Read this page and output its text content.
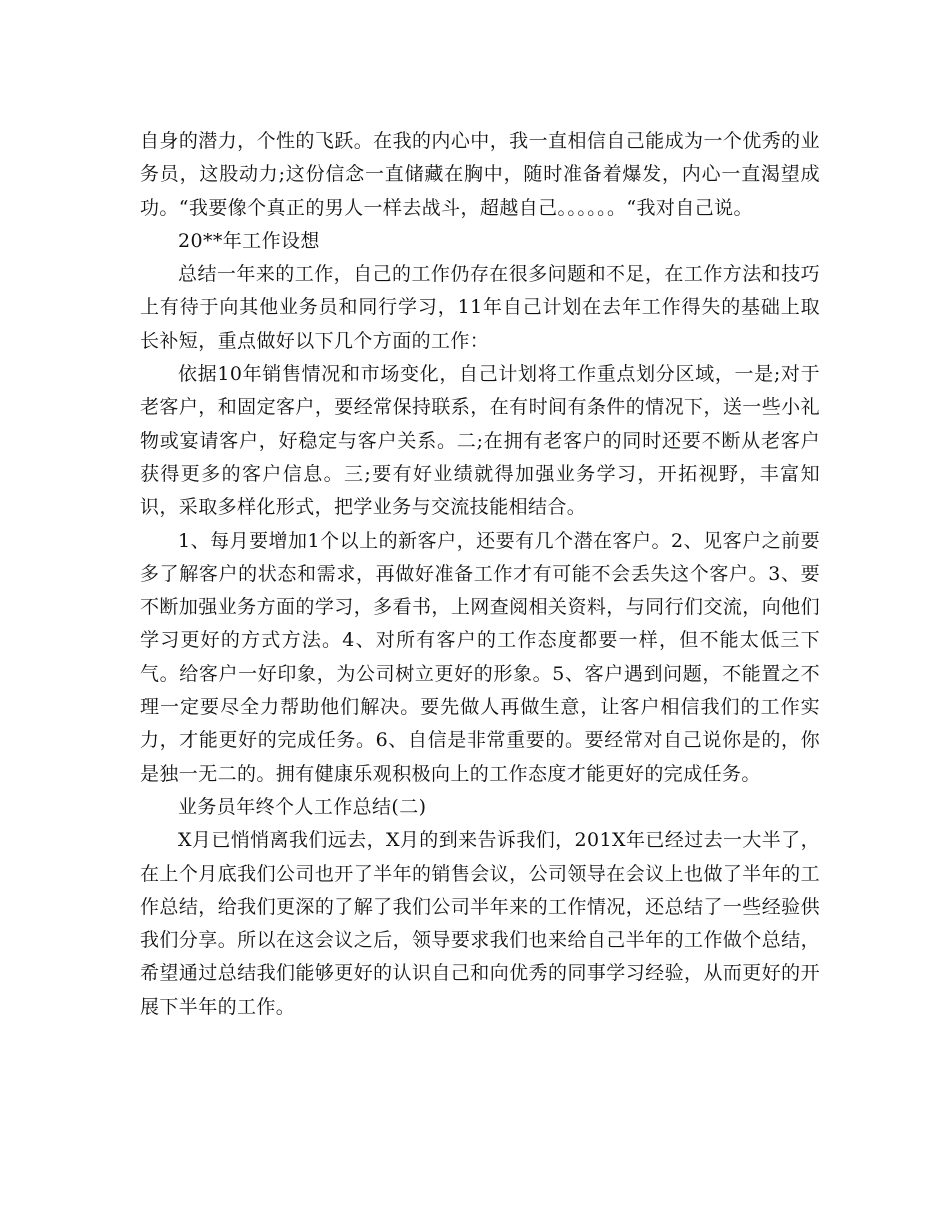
自身的潜力，个性的飞跃。在我的内心中，我一直相信自己能成为一个优秀的业务员，这股动力;这份信念一直储藏在胸中，随时准备着爆发，内心一直渴望成功。“我要像个真正的男人一样去战斗，超越自己。。。。。。“我对自己说。

20**年工作设想

总结一年来的工作，自己的工作仍存在很多问题和不足，在工作方法和技巧上有待于向其他业务员和同行学习，11年自己计划在去年工作得失的基础上取长补短，重点做好以下几个方面的工作：

依据10年销售情况和市场变化，自己计划将工作重点划分区域，一是;对于老客户，和固定客户，要经常保持联系，在有时间有条件的情况下，送一些小礼物或宴请客户，好稳定与客户关系。二;在拥有老客户的同时还要不断从老客户获得更多的客户信息。三;要有好业绩就得加强业务学习，开拓视野，丰富知识，采取多样化形式，把学业务与交流技能相结合。

1、每月要增加1个以上的新客户，还要有几个潜在客户。2、见客户之前要多了解客户的状态和需求，再做好准备工作才有可能不会丢失这个客户。3、要不断加强业务方面的学习，多看书，上网查阅相关资料，与同行们交流，向他们学习更好的方式方法。4、对所有客户的工作态度都要一样，但不能太低三下气。给客户一好印象，为公司树立更好的形象。5、客户遇到问题，不能置之不理一定要尽全力帮助他们解决。要先做人再做生意，让客户相信我们的工作实力，才能更好的完成任务。6、自信是非常重要的。要经常对自己说你是的，你是独一无二的。拥有健康乐观积极向上的工作态度才能更好的完成任务。

业务员年终个人工作总结(二)

X月已悄悄离我们远去，X月的到来告诉我们，201X年已经过去一大半了，在上个月底我们公司也开了半年的销售会议，公司领导在会议上也做了半年的工作总结，给我们更深的了解了我们公司半年来的工作情况，还总结了一些经验供我们分享。所以在这会议之后，领导要求我们也来给自己半年的工作做个总结，希望通过总结我们能够更好的认识自己和向优秀的同事学习经验，从而更好的开展下半年的工作。
